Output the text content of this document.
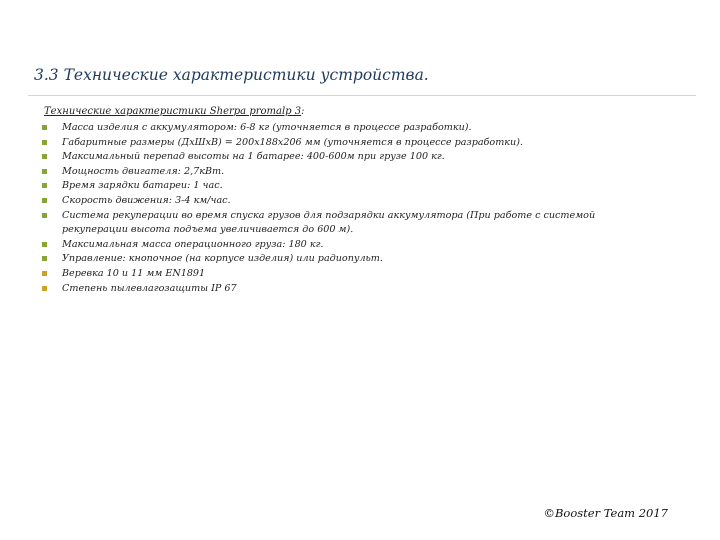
3.3 Технические характеристики устройства.

Технические характеристики Sherpa promalp 3:

Масса изделия с аккумулятором: 6-8 кг (уточняется в процессе разработки).
Габаритные размеры (ДхШхВ) = 200х188х206 мм (уточняется в процессе разработки).
Максимальный перепад высоты на 1 батарее: 400-600м при грузе 100 кг.
Мощность двигателя: 2,7кВт.
Время зарядки батареи: 1 час.
Скорость движения: 3-4 км/час.
Система рекуперации во время спуска грузов для подзарядки аккумулятора (При работе с системой рекуперации высота подъема увеличивается до 600 м).
Максимальная масса операционного груза: 180 кг.
Управление: кнопочное (на корпусе изделия) или радиопульт.
Веревка 10 и 11 мм EN1891
Степень пылевлагозащиты IP 67
©Booster Team 2017
